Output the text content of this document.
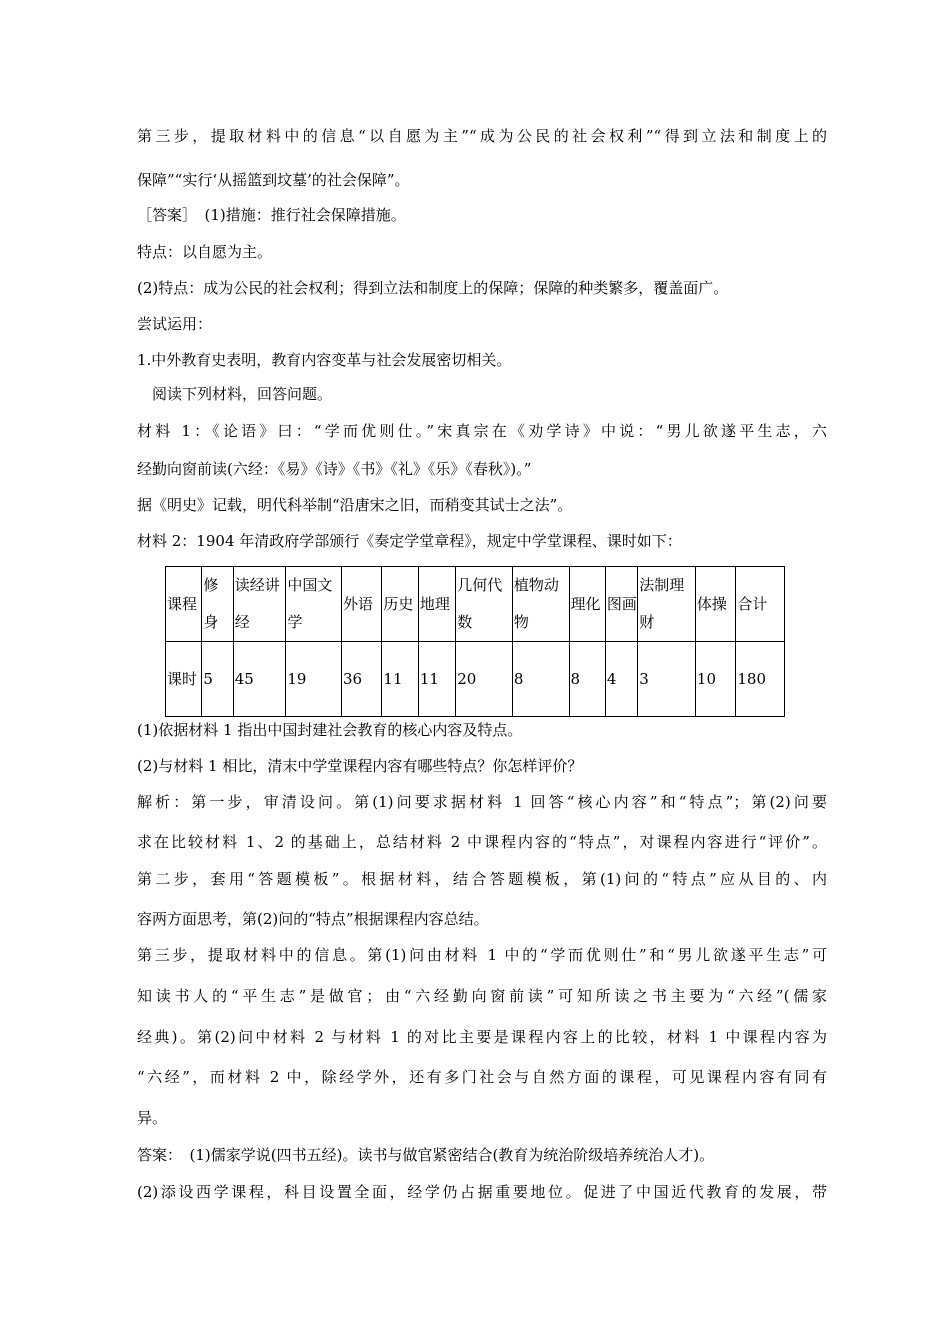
第三步，提取材料中的信息“以自愿为主”“成为公民的社会权利”“得到立法和制度上的
保障”“实行‘从摇篮到坟墓’的社会保障”。
［答案］　(1)措施：推行社会保障措施。
特点：以自愿为主。
(2)特点：成为公民的社会权利；得到立法和制度上的保障；保障的种类繁多，覆盖面广。
尝试运用：
1.中外教育史表明，教育内容变革与社会发展密切相关。
　阅读下列材料，回答问题。
材料 1：《论语》曰：“学而优则仕。”宋真宗在《劝学诗》中说：“男儿欲遂平生志，六
经勤向窗前读(六经：《易》《诗》《书》《礼》《乐》《春秋》)。”
据《明史》记载，明代科举制“沿唐宋之旧，而稍变其试士之法”。
材料 2：1904 年清政府学部颁行《奏定学堂章程》，规定中学堂课程、课时如下：
课程	修身	读经讲经	中国文学	外语	历史	地理	几何代数	植物动物	理化	图画	法制理财	体操	合计
课时	5	45	19	36	11	11	20	8	8	4	3	10	180
(1)依据材料 1 指出中国封建社会教育的核心内容及特点。
(2)与材料 1 相比，清末中学堂课程内容有哪些特点？你怎样评价？
解析：第一步，审清设问。第(1)问要求据材料 1 回答“核心内容”和“特点”；第(2)问要
求在比较材料 1、2 的基础上，总结材料 2 中课程内容的“特点”，对课程内容进行“评价”。
第二步，套用“答题模板”。根据材料，结合答题模板，第(1)问的“特点”应从目的、内
容两方面思考，第(2)问的“特点”根据课程内容总结。
第三步，提取材料中的信息。第(1)问由材料 1 中的“学而优则仕”和“男儿欲遂平生志”可
知读书人的“平生志”是做官；由“六经勤向窗前读”可知所读之书主要为“六经”(儒家
经典)。第(2)问中材料 2 与材料 1 的对比主要是课程内容上的比较，材料 1 中课程内容为
“六经”，而材料 2 中，除经学外，还有多门社会与自然方面的课程，可见课程内容有同有
异。
答案：　(1)儒家学说(四书五经)。读书与做官紧密结合(教育为统治阶级培养统治人才)。
(2)添设西学课程，科目设置全面，经学仍占据重要地位。促进了中国近代教育的发展，带
